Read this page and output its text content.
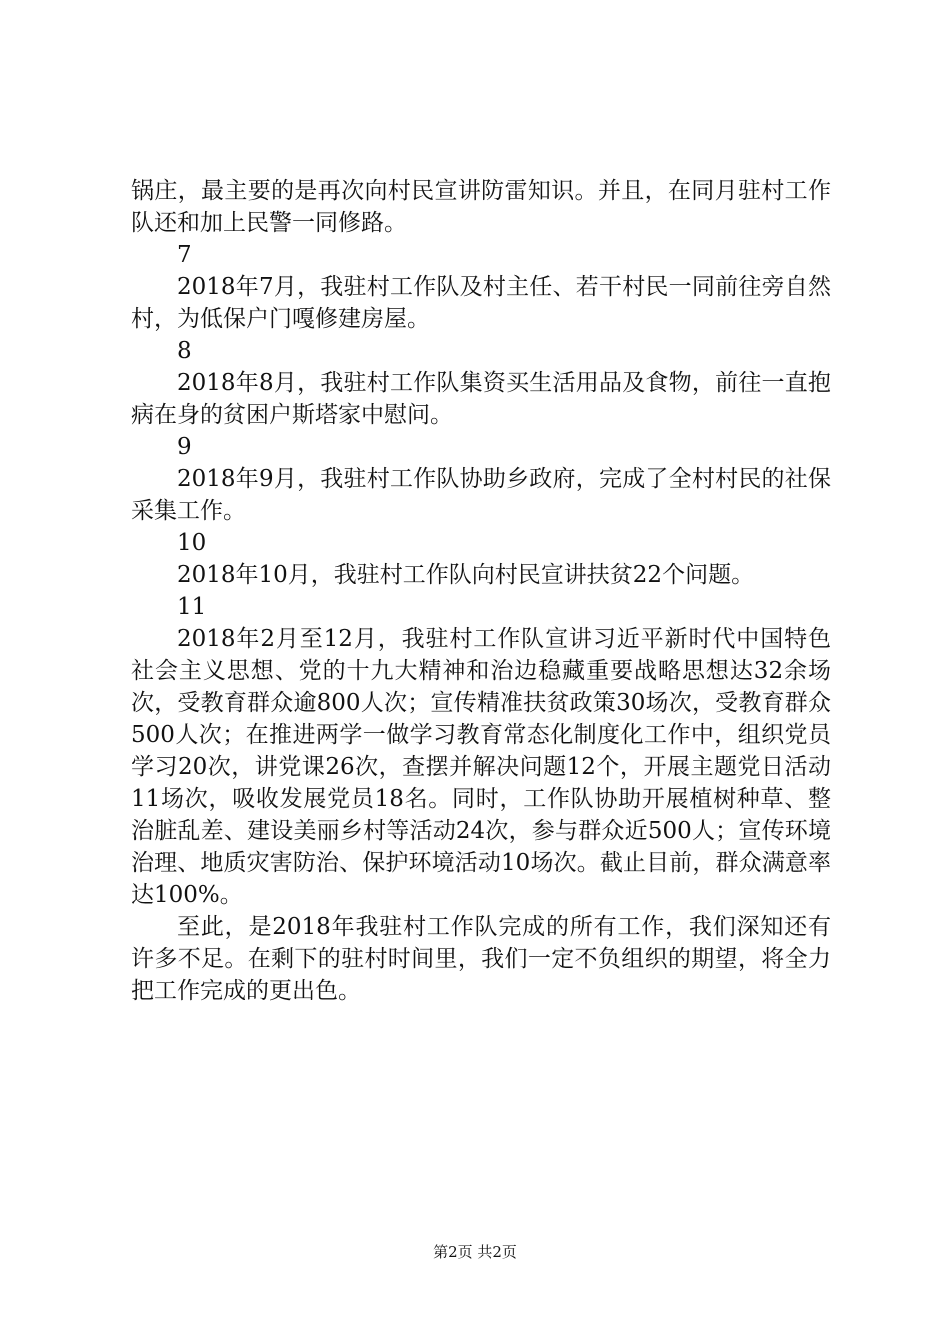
锅庄，最主要的是再次向村民宣讲防雷知识。并且，在同月驻村工作队还和加上民警一同修路。

7

2018年7月，我驻村工作队及村主任、若干村民一同前往旁自然村，为低保户门嘎修建房屋。

8

2018年8月，我驻村工作队集资买生活用品及食物，前往一直抱病在身的贫困户斯塔家中慰问。

9

2018年9月，我驻村工作队协助乡政府，完成了全村村民的社保采集工作。

10

2018年10月，我驻村工作队向村民宣讲扶贫22个问题。

11

2018年2月至12月，我驻村工作队宣讲习近平新时代中国特色社会主义思想、党的十九大精神和治边稳藏重要战略思想达32余场次，受教育群众逾800人次；宣传精准扶贫政策30场次，受教育群众500人次；在推进两学一做学习教育常态化制度化工作中，组织党员学习20次，讲党课26次，查摆并解决问题12个，开展主题党日活动11场次，吸收发展党员18名。同时，工作队协助开展植树种草、整治脏乱差、建设美丽乡村等活动24次，参与群众近500人；宣传环境治理、地质灾害防治、保护环境活动10场次。截止目前，群众满意率达100%。

至此，是2018年我驻村工作队完成的所有工作，我们深知还有许多不足。在剩下的驻村时间里，我们一定不负组织的期望，将全力把工作完成的更出色。

第2页 共2页
